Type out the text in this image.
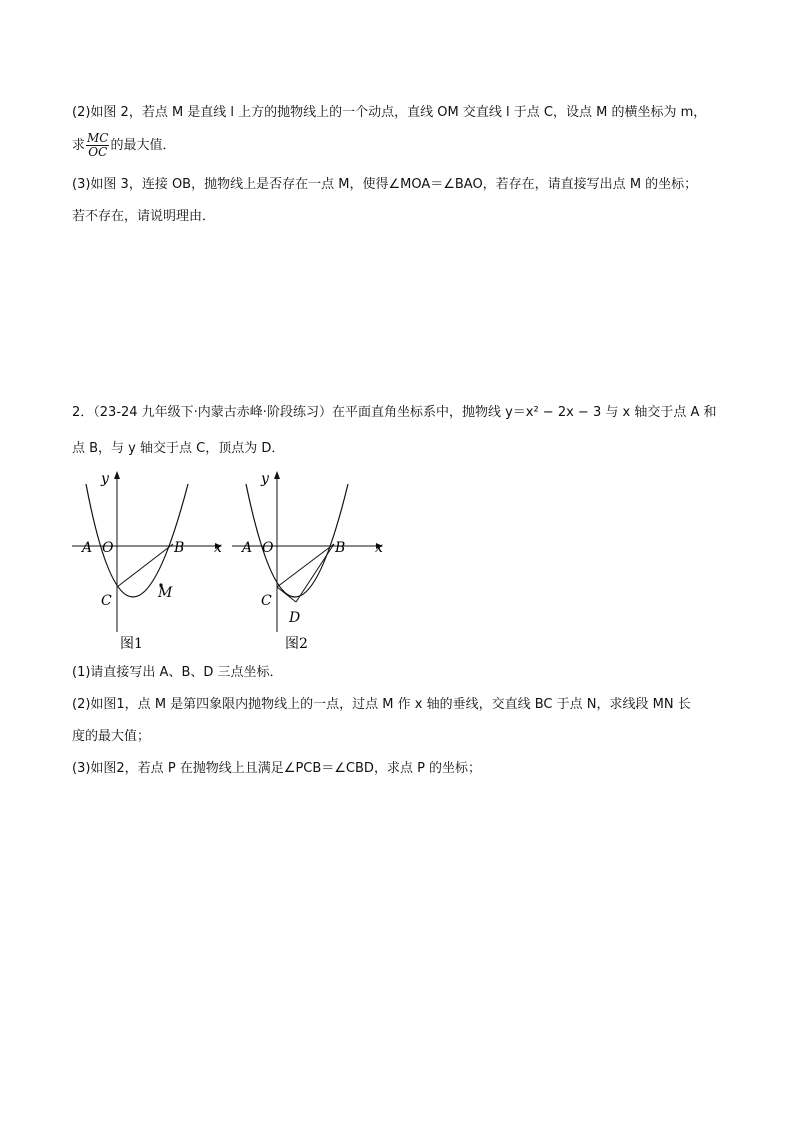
(2)如图 2，若点 M 是直线 l 上方的抛物线上的一个动点，直线 OM 交直线 l 于点 C，设点 M 的横坐标为 m，
求 $\frac{MC}{OC}$ 的最大值．
(3)如图 3，连接 OB，抛物线上是否存在一点 M，使得∠MOA＝∠BAO，若存在，请直接写出点 M 的坐标；
若不存在，请说明理由．
2．（23-24 九年级下·内蒙古赤峰·阶段练习）在平面直角坐标系中，抛物线 y＝x² − 2x − 3 与 x 轴交于点 A 和
点 B，与 y 轴交于点 C，顶点为 D．
y
x
A O	B
C	M
图1
y
x
A O	B
C
D
图2
(1)请直接写出 A、B、D 三点坐标．
(2)如图1，点 M 是第四象限内抛物线上的一点，过点 M 作 x 轴的垂线，交直线 BC 于点 N，求线段 MN 长
度的最大值；
(3)如图2，若点 P 在抛物线上且满足∠PCB＝∠CBD，求点 P 的坐标；
